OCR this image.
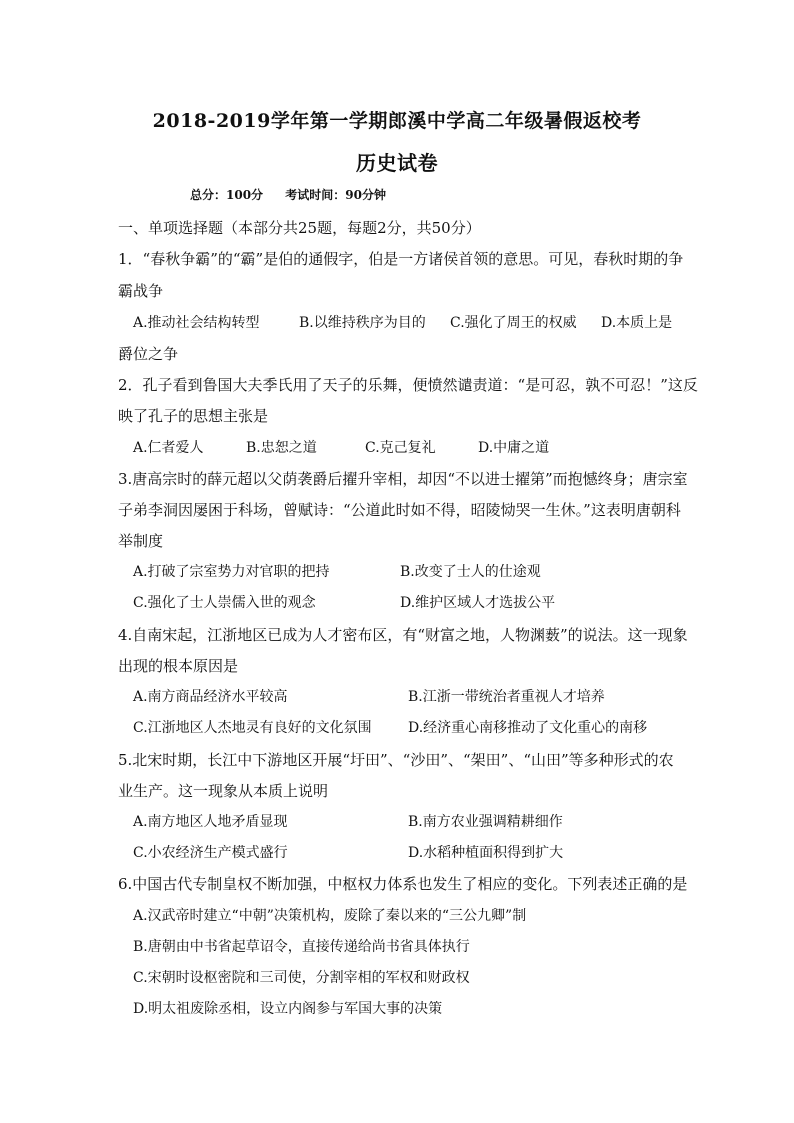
2018-2019学年第一学期郎溪中学高二年级暑假返校考
历史试卷
总分：100分 考试时间：90分钟
一、单项选择题（本部分共25题，每题2分，共50分）
1．“春秋争霸”的“霸”是伯的通假字，伯是一方诸侯首领的意思。可见，春秋时期的争
霸战争
A.推动社会结构转型	B.以维持秩序为目的 C.强化了周王的权威 D.本质上是
爵位之争
2．孔子看到鲁国大夫季氏用了天子的乐舞，便愤然谴责道：“是可忍，孰不可忍！”这反
映了孔子的思想主张是
A.仁者爱人	B.忠恕之道	C.克己复礼	D.中庸之道
3.唐高宗时的薛元超以父荫袭爵后擢升宰相，却因“不以进士擢第”而抱憾终身；唐宗室
子弟李洞因屡困于科场，曾赋诗：“公道此时如不得，昭陵恸哭一生休。”这表明唐朝科
举制度
A.打破了宗室势力对官职的把持	B.改变了士人的仕途观
C.强化了士人崇儒入世的观念	D.维护区域人才选拔公平
4.自南宋起，江浙地区已成为人才密布区，有“财富之地，人物渊薮”的说法。这一现象
出现的根本原因是
A.南方商品经济水平较高	B.江浙一带统治者重视人才培养
C.江浙地区人杰地灵有良好的文化氛围	D.经济重心南移推动了文化重心的南移
5.北宋时期，长江中下游地区开展“圩田”、“沙田”、“架田”、“山田”等多种形式的农
业生产。这一现象从本质上说明
A.南方地区人地矛盾显现	B.南方农业强调精耕细作
C.小农经济生产模式盛行	D.水稻种植面积得到扩大
6.中国古代专制皇权不断加强，中枢权力体系也发生了相应的变化。下列表述正确的是
A.汉武帝时建立“中朝”决策机构，废除了秦以来的“三公九卿”制
B.唐朝由中书省起草诏令，直接传递给尚书省具体执行
C.宋朝时设枢密院和三司使，分割宰相的军权和财政权
D.明太祖废除丞相，设立内阁参与军国大事的决策
